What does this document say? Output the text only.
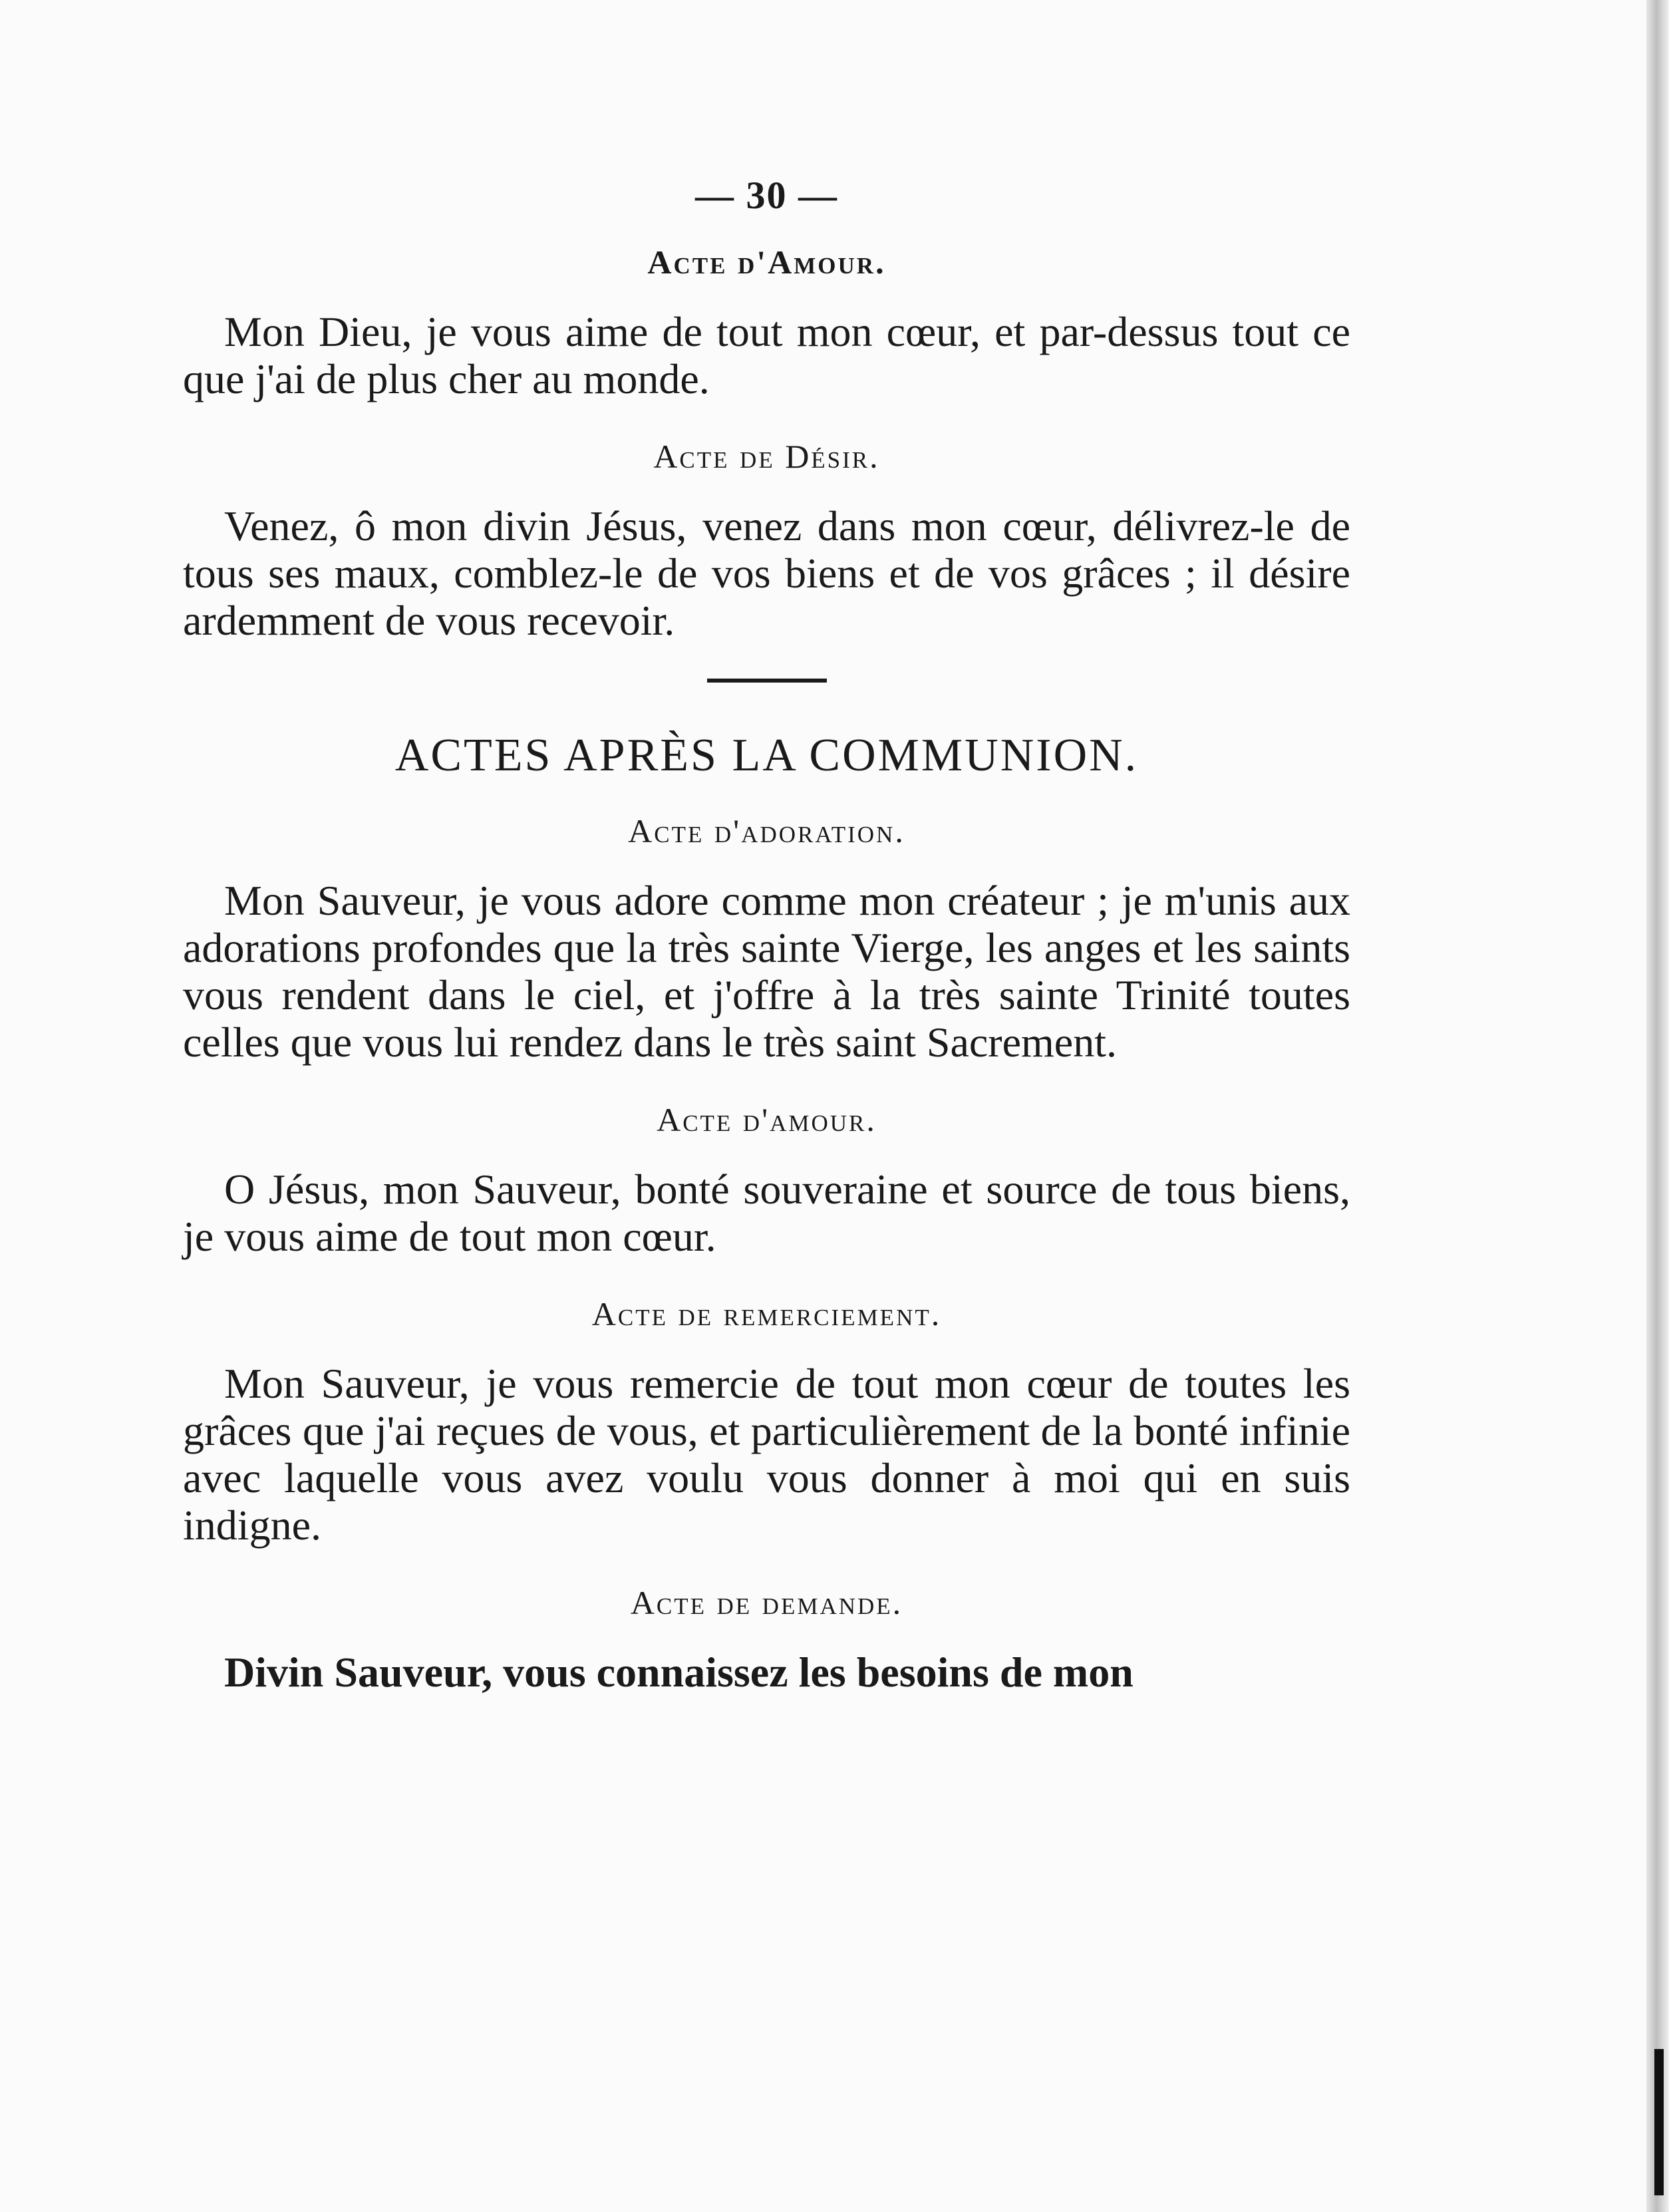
— 30 —
Acte d'Amour.

Mon Dieu, je vous aime de tout mon cœur, et par-dessus tout ce que j'ai de plus cher au monde.

Acte de Désir.

Venez, ô mon divin Jésus, venez dans mon cœur, délivrez-le de tous ses maux, comblez-le de vos biens et de vos grâces ; il désire ardemment de vous recevoir.

ACTES APRÈS LA COMMUNION.
Acte d'adoration.

Mon Sauveur, je vous adore comme mon créateur ; je m'unis aux adorations profondes que la très sainte Vierge, les anges et les saints vous rendent dans le ciel, et j'offre à la très sainte Trinité toutes celles que vous lui rendez dans le très saint Sacrement.

Acte d'amour.

O Jésus, mon Sauveur, bonté souveraine et source de tous biens, je vous aime de tout mon cœur.

Acte de remerciement.

Mon Sauveur, je vous remercie de tout mon cœur de toutes les grâces que j'ai reçues de vous, et particulièrement de la bonté infinie avec laquelle vous avez voulu vous donner à moi qui en suis indigne.

Acte de demande.

Divin Sauveur, vous connaissez les besoins de mon
